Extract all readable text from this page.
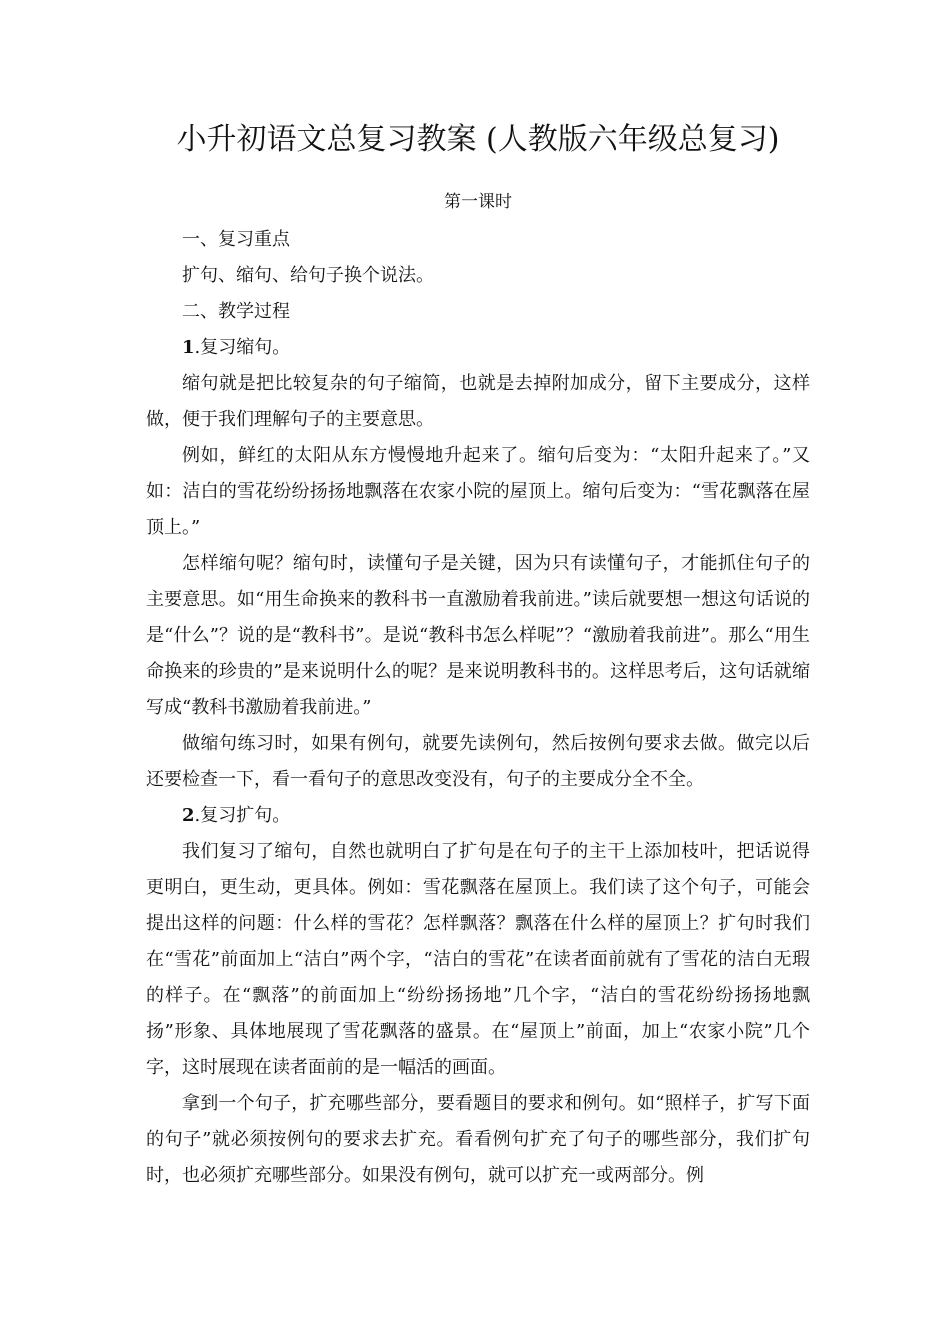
小升初语文总复习教案 (人教版六年级总复习)
第一课时

一、复习重点

扩句、缩句、给句子换个说法。

二、教学过程

1.复习缩句。

缩句就是把比较复杂的句子缩简，也就是去掉附加成分，留下主要成分，这样做，便于我们理解句子的主要意思。

例如，鲜红的太阳从东方慢慢地升起来了。缩句后变为：“太阳升起来了。”又如：洁白的雪花纷纷扬扬地飘落在农家小院的屋顶上。缩句后变为：“雪花飘落在屋顶上。”

怎样缩句呢？缩句时，读懂句子是关键，因为只有读懂句子，才能抓住句子的主要意思。如“用生命换来的教科书一直激励着我前进。”读后就要想一想这句话说的是“什么”？说的是“教科书”。是说“教科书怎么样呢”？“激励着我前进”。那么“用生命换来的珍贵的”是来说明什么的呢？是来说明教科书的。这样思考后，这句话就缩写成“教科书激励着我前进。”

做缩句练习时，如果有例句，就要先读例句，然后按例句要求去做。做完以后还要检查一下，看一看句子的意思改变没有，句子的主要成分全不全。

2.复习扩句。

我们复习了缩句，自然也就明白了扩句是在句子的主干上添加枝叶，把话说得更明白，更生动，更具体。例如：雪花飘落在屋顶上。我们读了这个句子，可能会提出这样的问题：什么样的雪花？怎样飘落？飘落在什么样的屋顶上？扩句时我们在“雪花”前面加上“洁白”两个字，“洁白的雪花”在读者面前就有了雪花的洁白无瑕的样子。在“飘落”的前面加上“纷纷扬扬地”几个字，“洁白的雪花纷纷扬扬地飘扬”形象、具体地展现了雪花飘落的盛景。在“屋顶上”前面，加上“农家小院”几个字，这时展现在读者面前的是一幅活的画面。

拿到一个句子，扩充哪些部分，要看题目的要求和例句。如“照样子，扩写下面的句子”就必须按例句的要求去扩充。看看例句扩充了句子的哪些部分，我们扩句时，也必须扩充哪些部分。如果没有例句，就可以扩充一或两部分。例
